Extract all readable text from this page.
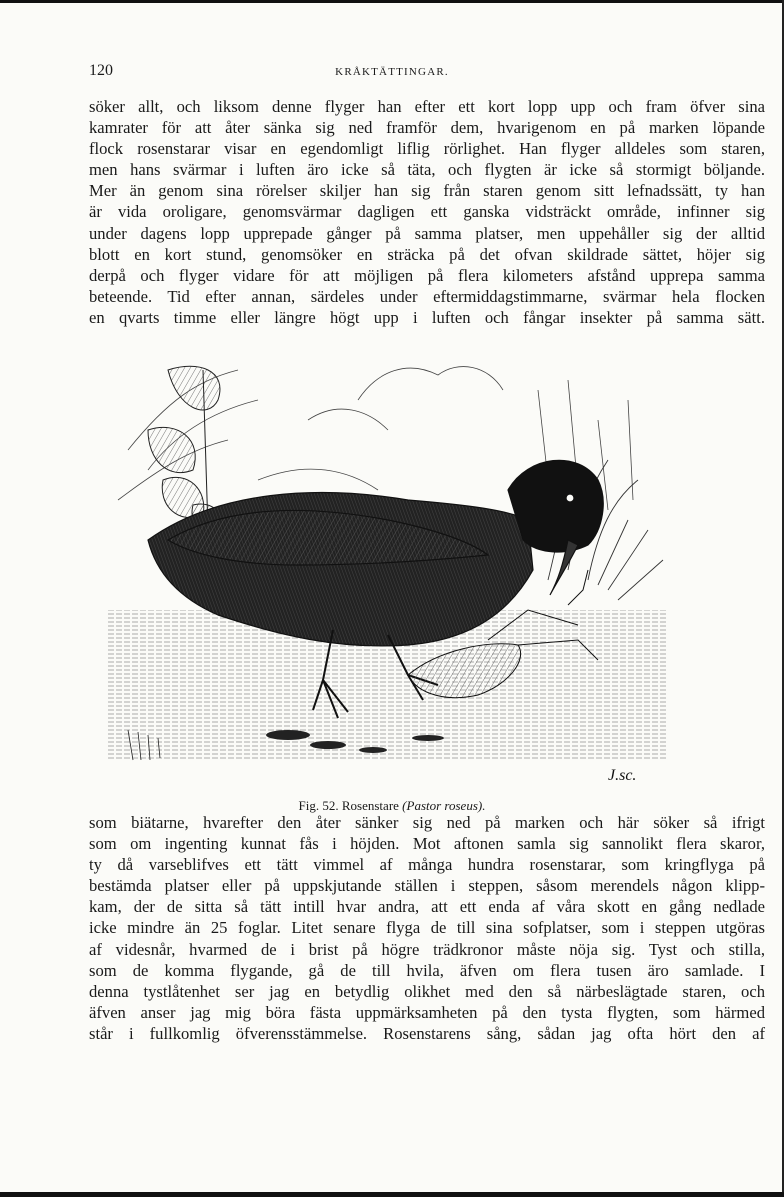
120	KRÅKTÄTTINGAR.
söker allt, och liksom denne flyger han efter ett kort lopp upp och fram öfver sina
kamrater för att åter sänka sig ned framför dem, hvarigenom en på marken löpande
flock rosenstarar visar en egendomligt liflig rörlighet. Han flyger alldeles som staren,
men hans svärmar i luften äro icke så täta, och flygten är icke så stormigt böljande.
Mer än genom sina rörelser skiljer han sig från staren genom sitt lefnadssätt, ty han
är vida oroligare, genomsvärmar dagligen ett ganska vidsträckt område, infinner sig
under dagens lopp upprepade gånger på samma platser, men uppehåller sig der alltid
blott en kort stund, genomsöker en sträcka på det ofvan skildrade sättet, höjer sig
derpå och flyger vidare för att möjligen på flera kilometers afstånd upprepa samma
beteende. Tid efter annan, särdeles under eftermiddagstimmarne, svärmar hela flocken
en qvarts timme eller längre högt upp i luften och fångar insekter på samma sätt.
J.sc.
Fig. 52. Rosenstare (Pastor roseus).
som biätarne, hvarefter den åter sänker sig ned på marken och här söker så ifrigt
som om ingenting kunnat fås i höjden. Mot aftonen samla sig sannolikt flera skaror,
ty då varseblifves ett tätt vimmel af många hundra rosenstarar, som kringflyga på
bestämda platser eller på uppskjutande ställen i steppen, såsom merendels någon klipp-
kam, der de sitta så tätt intill hvar andra, att ett enda af våra skott en gång nedlade
icke mindre än 25 foglar. Litet senare flyga de till sina sofplatser, som i steppen utgöras
af videsnår, hvarmed de i brist på högre trädkronor måste nöja sig. Tyst och stilla,
som de komma flygande, gå de till hvila, äfven om flera tusen äro samlade. I
denna tystlåtenhet ser jag en betydlig olikhet med den så närbeslägtade staren, och
äfven anser jag mig böra fästa uppmärksamheten på den tysta flygten, som härmed
står i fullkomlig öfverensstämmelse. Rosenstarens sång, sådan jag ofta hört den af
